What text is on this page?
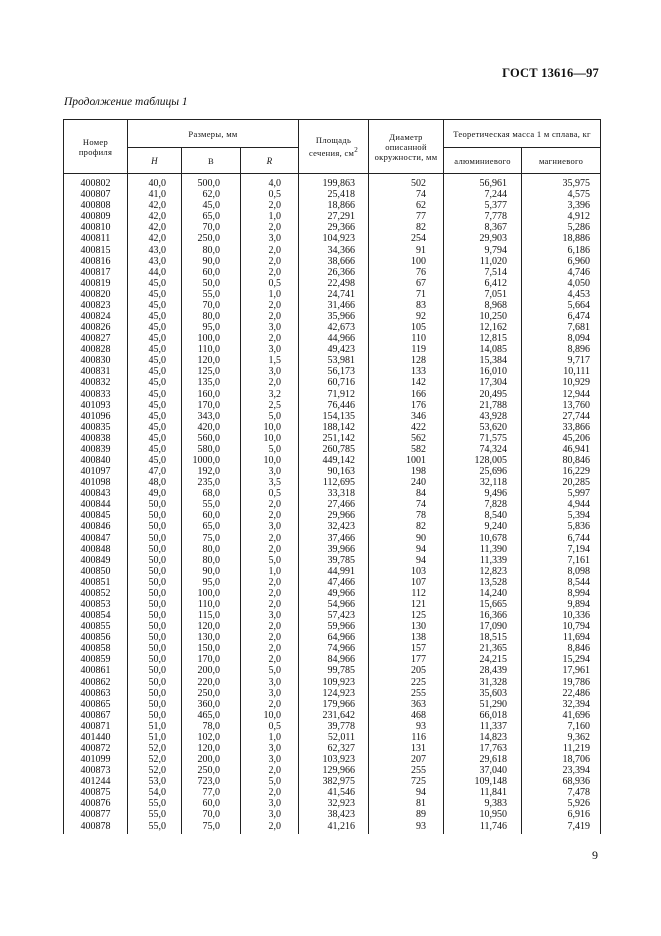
ГОСТ 13616—97
Продолжение таблицы 1
Номер профиля	Размеры, мм			Площадь сечения, $см^2$	Диаметр описанной окружности, мм	Теоретическая масса 1 м сплава, кг	
	H	B	R			алюминиевого	магниевого
400802	40,0	500,0	4,0	199,863	502	56,961	35,975
400807	41,0	62,0	0,5	25,418	74	7,244	4,575
400808	42,0	45,0	2,0	18,866	62	5,377	3,396
400809	42,0	65,0	1,0	27,291	77	7,778	4,912
400810	42,0	70,0	2,0	29,366	82	8,367	5,286
400811	42,0	250,0	3,0	104,923	254	29,903	18,886
400815	43,0	80,0	2,0	34,366	91	9,794	6,186
400816	43,0	90,0	2,0	38,666	100	11,020	6,960
400817	44,0	60,0	2,0	26,366	76	7,514	4,746
400819	45,0	50,0	0,5	22,498	67	6,412	4,050
400820	45,0	55,0	1,0	24,741	71	7,051	4,453
400823	45,0	70,0	2,0	31,466	83	8,968	5,664
400824	45,0	80,0	2,0	35,966	92	10,250	6,474
400826	45,0	95,0	3,0	42,673	105	12,162	7,681
400827	45,0	100,0	2,0	44,966	110	12,815	8,094
400828	45,0	110,0	3,0	49,423	119	14,085	8,896
400830	45,0	120,0	1,5	53,981	128	15,384	9,717
400831	45,0	125,0	3,0	56,173	133	16,010	10,111
400832	45,0	135,0	2,0	60,716	142	17,304	10,929
400833	45,0	160,0	3,2	71,912	166	20,495	12,944
401093	45,0	170,0	2,5	76,446	176	21,788	13,760
401096	45,0	343,0	5,0	154,135	346	43,928	27,744
400835	45,0	420,0	10,0	188,142	422	53,620	33,866
400838	45,0	560,0	10,0	251,142	562	71,575	45,206
400839	45,0	580,0	5,0	260,785	582	74,324	46,941
400840	45,0	1000,0	10,0	449,142	1001	128,005	80,846
401097	47,0	192,0	3,0	90,163	198	25,696	16,229
401098	48,0	235,0	3,5	112,695	240	32,118	20,285
400843	49,0	68,0	0,5	33,318	84	9,496	5,997
400844	50,0	55,0	2,0	27,466	74	7,828	4,944
400845	50,0	60,0	2,0	29,966	78	8,540	5,394
400846	50,0	65,0	3,0	32,423	82	9,240	5,836
400847	50,0	75,0	2,0	37,466	90	10,678	6,744
400848	50,0	80,0	2,0	39,966	94	11,390	7,194
400849	50,0	80,0	5,0	39,785	94	11,339	7,161
400850	50,0	90,0	1,0	44,991	103	12,823	8,098
400851	50,0	95,0	2,0	47,466	107	13,528	8,544
400852	50,0	100,0	2,0	49,966	112	14,240	8,994
400853	50,0	110,0	2,0	54,966	121	15,665	9,894
400854	50,0	115,0	3,0	57,423	125	16,366	10,336
400855	50,0	120,0	2,0	59,966	130	17,090	10,794
400856	50,0	130,0	2,0	64,966	138	18,515	11,694
400858	50,0	150,0	2,0	74,966	157	21,365	8,846
400859	50,0	170,0	2,0	84,966	177	24,215	15,294
400861	50,0	200,0	5,0	99,785	205	28,439	17,961
400862	50,0	220,0	3,0	109,923	225	31,328	19,786
400863	50,0	250,0	3,0	124,923	255	35,603	22,486
400865	50,0	360,0	2,0	179,966	363	51,290	32,394
400867	50,0	465,0	10,0	231,642	468	66,018	41,696
400871	51,0	78,0	0,5	39,778	93	11,337	7,160
401440	51,0	102,0	1,0	52,011	116	14,823	9,362
400872	52,0	120,0	3,0	62,327	131	17,763	11,219
401099	52,0	200,0	3,0	103,923	207	29,618	18,706
400873	52,0	250,0	2,0	129,966	255	37,040	23,394
401244	53,0	723,0	5,0	382,975	725	109,148	68,936
400875	54,0	77,0	2,0	41,546	94	11,841	7,478
400876	55,0	60,0	3,0	32,923	81	9,383	5,926
400877	55,0	70,0	3,0	38,423	89	10,950	6,916
400878	55,0	75,0	2,0	41,216	93	11,746	7,419
9
